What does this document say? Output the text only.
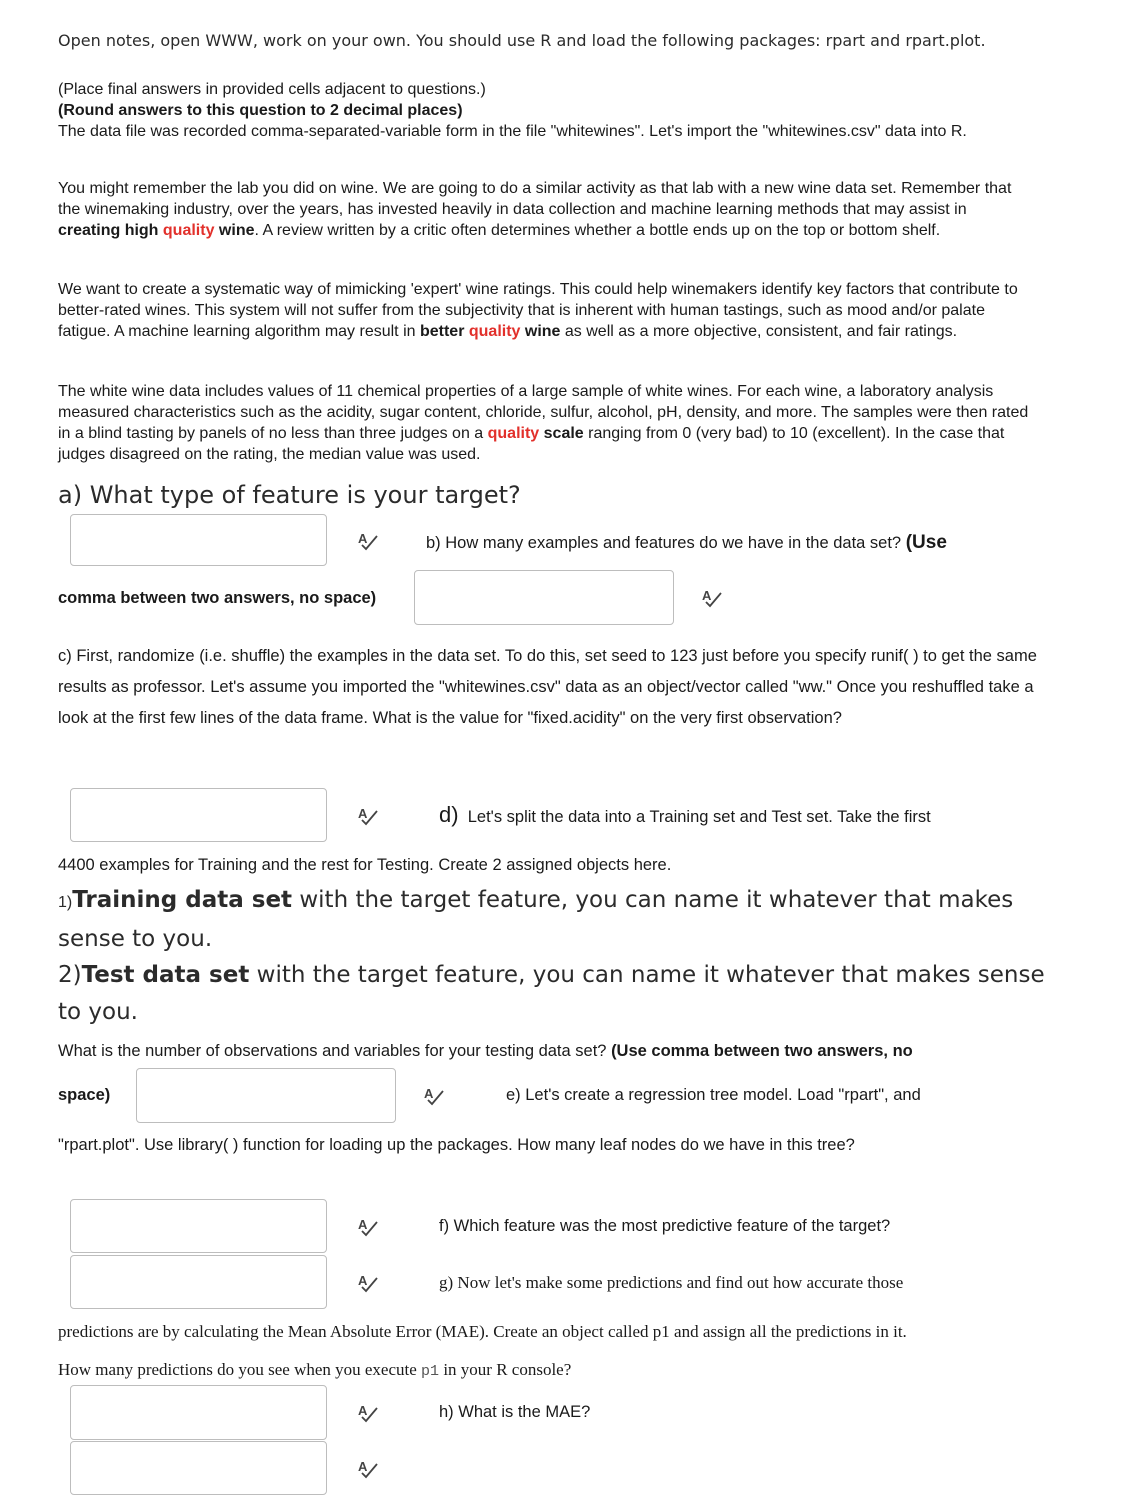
Open notes, open WWW, work on your own. You should use R and load the following packages: rpart and rpart.plot.

(Place final answers in provided cells adjacent to questions.)
(Round answers to this question to 2 decimal places)
The data file was recorded comma-separated-variable form in the file "whitewines". Let's import the "whitewines.csv" data into R.

You might remember the lab you did on wine. We are going to do a similar activity as that lab with a new wine data set. Remember that the winemaking industry, over the years, has invested heavily in data collection and machine learning methods that may assist in creating high quality wine. A review written by a critic often determines whether a bottle ends up on the top or bottom shelf.

We want to create a systematic way of mimicking 'expert' wine ratings. This could help winemakers identify key factors that contribute to better-rated wines. This system will not suffer from the subjectivity that is inherent with human tastings, such as mood and/or palate fatigue. A machine learning algorithm may result in better quality wine as well as a more objective, consistent, and fair ratings.

The white wine data includes values of 11 chemical properties of a large sample of white wines. For each wine, a laboratory analysis measured characteristics such as the acidity, sugar content, chloride, sulfur, alcohol, pH, density, and more. The samples were then rated in a blind tasting by panels of no less than three judges on a quality scale ranging from 0 (very bad) to 10 (excellent). In the case that judges disagreed on the rating, the median value was used.

a) What type of feature is your target?

A	b) How many examples and features do we have in the data set? (Use

comma between two answers, no space)	A

c) First, randomize (i.e. shuffle) the examples in the data set. To do this, set seed to 123 just before you specify runif( ) to get the same results as professor. Let's assume you imported the "whitewines.csv" data as an object/vector called "ww." Once you reshuffled take a look at the first few lines of the data frame. What is the value for "fixed.acidity" on the very first observation?

A	d) Let's split the data into a Training set and Test set. Take the first

4400 examples for Training and the rest for Testing. Create 2 assigned objects here.

1)Training data set with the target feature, you can name it whatever that makes
sense to you.

2)Test data set with the target feature, you can name it whatever that makes sense
to you.

What is the number of observations and variables for your testing data set? (Use comma between two answers, no

space)	A	e) Let's create a regression tree model. Load "rpart", and

"rpart.plot". Use library( ) function for loading up the packages. How many leaf nodes do we have in this tree?

A	f) Which feature was the most predictive feature of the target?

A	g) Now let's make some predictions and find out how accurate those

predictions are by calculating the Mean Absolute Error (MAE). Create an object called p1 and assign all the predictions in it.

How many predictions do you see when you execute p1 in your R console?

A	h) What is the MAE?

A
